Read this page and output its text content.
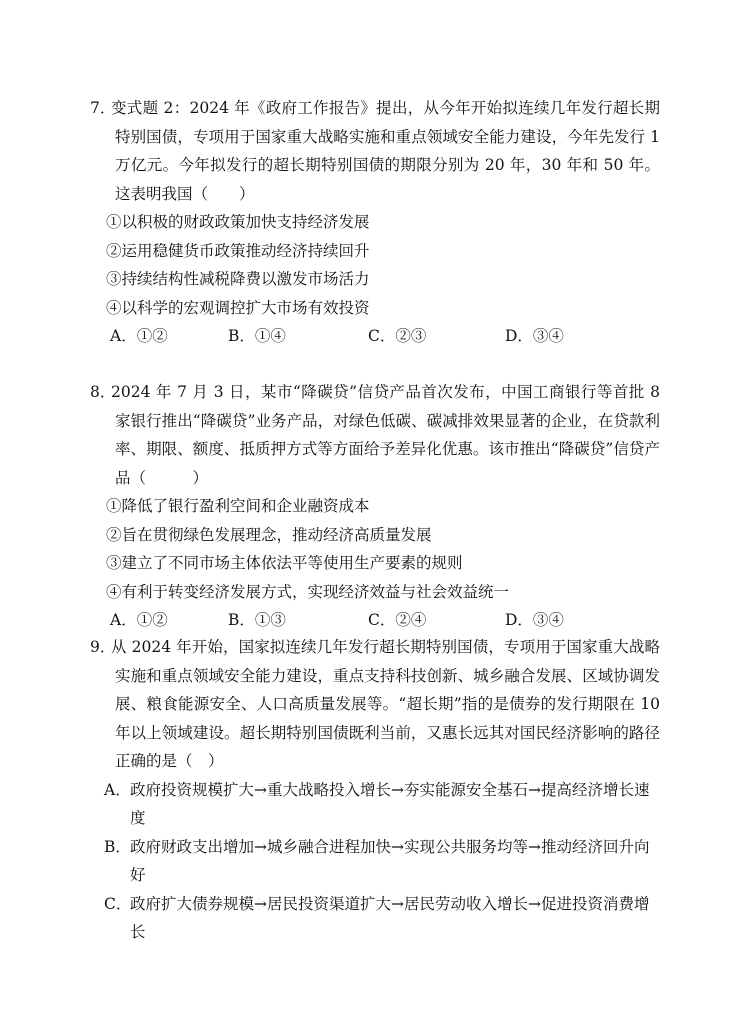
7．
变式题 2：2024 年《政府工作报告》提出，从今年开始拟连续几年发行超长期特别国债，专项用于国家重大战略实施和重点领域安全能力建设，今年先发行 1 万亿元。今年拟发行的超长期特别国债的期限分别为 20 年，30 年和 50 年。这表明我国（　　）
①以积极的财政政策加快支持经济发展
②运用稳健货币政策推动经济持续回升
③持续结构性减税降费以激发市场活力
④以科学的宏观调控扩大市场有效投资
A．①②	B．①④	C．②③	D．③④
8．
2024 年 7 月 3 日，某市“降碳贷”信贷产品首次发布，中国工商银行等首批 8 家银行推出“降碳贷”业务产品，对绿色低碳、碳减排效果显著的企业，在贷款利率、期限、额度、抵质押方式等方面给予差异化优惠。该市推出“降碳贷”信贷产品（　　　）
①降低了银行盈利空间和企业融资成本
②旨在贯彻绿色发展理念，推动经济高质量发展
③建立了不同市场主体依法平等使用生产要素的规则
④有利于转变经济发展方式，实现经济效益与社会效益统一
A．①②	B．①③	C．②④	D．③④
9．
从 2024 年开始，国家拟连续几年发行超长期特别国债，专项用于国家重大战略实施和重点领域安全能力建设，重点支持科技创新、城乡融合发展、区域协调发展、粮食能源安全、人口高质量发展等。“超长期”指的是债券的发行期限在 10 年以上领域建设。超长期特别国债既利当前，又惠长远其对国民经济影响的路径正确的是（　）
A．政府投资规模扩大→重大战略投入增长→夯实能源安全基石→提高经济增长速度
B．政府财政支出增加→城乡融合进程加快→实现公共服务均等→推动经济回升向好
C．政府扩大债券规模→居民投资渠道扩大→居民劳动收入增长→促进投资消费增长
